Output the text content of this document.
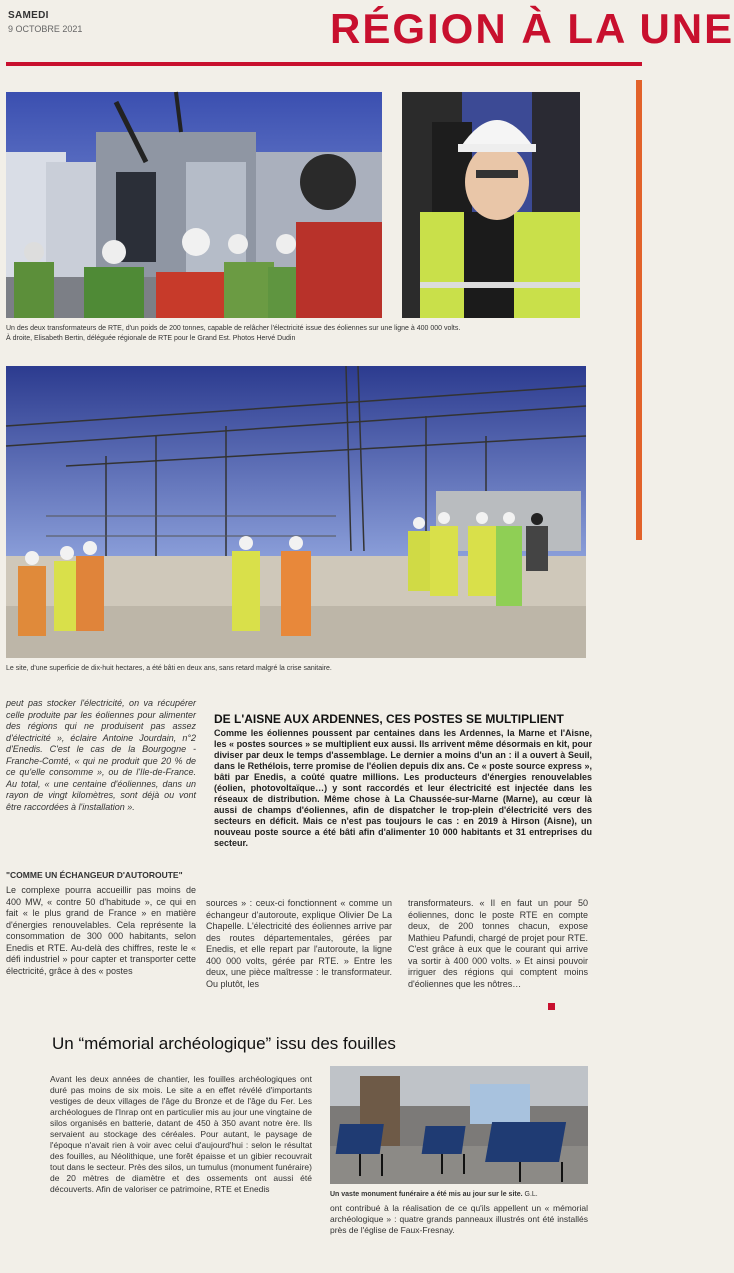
SAMEDI
9 OCTOBRE 2021	RÉGION À LA UNE
Un des deux transformateurs de RTE, d'un poids de 200 tonnes, capable de relâcher l'électricité issue des éoliennes sur une ligne à 400 000 volts.
À droite, Elisabeth Bertin, déléguée régionale de RTE pour le Grand Est. Photos Hervé Dudin
Le site, d'une superficie de dix-huit hectares, a été bâti en deux ans, sans retard malgré la crise sanitaire.
peut pas stocker l'électricité, on va récupérer celle produite par les éoliennes pour alimenter des régions qui ne produisent pas assez d'électricité », éclaire Antoine Jourdain, n°2 d'Enedis. C'est le cas de la Bourgogne - Franche-Comté, « qui ne produit que 20 % de ce qu'elle consomme », ou de l'Ile-de-France. Au total, « une centaine d'éoliennes, dans un rayon de vingt kilomètres, sont déjà ou vont être raccordées à l'installation ».
"COMME UN ÉCHANGEUR D'AUTOROUTE"
Le complexe pourra accueillir pas moins de 400 MW, « contre 50 d'habitude », ce qui en fait « le plus grand de France » en matière d'énergies renouvelables. Cela représente la consommation de 300 000 habitants, selon Enedis et RTE. Au-delà des chiffres, reste le « défi industriel » pour capter et transporter cette électricité, grâce à des « postes
DE L'AISNE AUX ARDENNES, CES POSTES SE MULTIPLIENT
Comme les éoliennes poussent par centaines dans les Ardennes, la Marne et l'Aisne, les « postes sources » se multiplient eux aussi. Ils arrivent même désormais en kit, pour diviser par deux le temps d'assemblage. Le dernier a moins d'un an : il a ouvert à Seuil, dans le Rethélois, terre promise de l'éolien depuis dix ans. Ce « poste source express », bâti par Enedis, a coûté quatre millions. Les producteurs d'énergies renouvelables (éolien, photovoltaïque…) y sont raccordés et leur électricité est injectée dans les réseaux de distribution. Même chose à La Chaussée-sur-Marne (Marne), au cœur là aussi de champs d'éoliennes, afin de dispatcher le trop-plein d'électricité vers des secteurs en déficit. Mais ce n'est pas toujours le cas : en 2019 à Hirson (Aisne), un nouveau poste source a été bâti afin d'alimenter 10 000 habitants et 31 entreprises du secteur.
sources » : ceux-ci fonctionnent « comme un échangeur d'autoroute, explique Olivier De La Chapelle. L'électricité des éoliennes arrive par des routes départementales, gérées par Enedis, et elle repart par l'autoroute, la ligne 400 000 volts, gérée par RTE. » Entre les deux, une pièce maîtresse : le transformateur. Ou plutôt, les
transformateurs. « Il en faut un pour 50 éoliennes, donc le poste RTE en compte deux, de 200 tonnes chacun, expose Mathieu Pafundi, chargé de projet pour RTE. C'est grâce à eux que le courant qui arrive va sortir à 400 000 volts. » Et ainsi pouvoir irriguer des régions qui comptent moins d'éoliennes que les nôtres…
Un “mémorial archéologique” issu des fouilles
Avant les deux années de chantier, les fouilles archéologiques ont duré pas moins de six mois. Le site a en effet révélé d'importants vestiges de deux villages de l'âge du Bronze et de l'âge du Fer. Les archéologues de l'Inrap ont en particulier mis au jour une vingtaine de silos organisés en batterie, datant de 450 à 350 avant notre ère. Ils servaient au stockage des céréales. Pour autant, le paysage de l'époque n'avait rien à voir avec celui d'aujourd'hui : selon le résultat des fouilles, au Néolithique, une forêt épaisse et un gibier recouvrait tout dans le secteur. Près des silos, un tumulus (monument funéraire) de 20 mètres de diamètre et des ossements ont aussi été découverts. Afin de valoriser ce patrimoine, RTE et Enedis
Un vaste monument funéraire a été mis au jour sur le site. G.L.
ont contribué à la réalisation de ce qu'ils appellent un « mémorial archéologique » : quatre grands panneaux illustrés ont été installés près de l'église de Faux-Fresnay.
